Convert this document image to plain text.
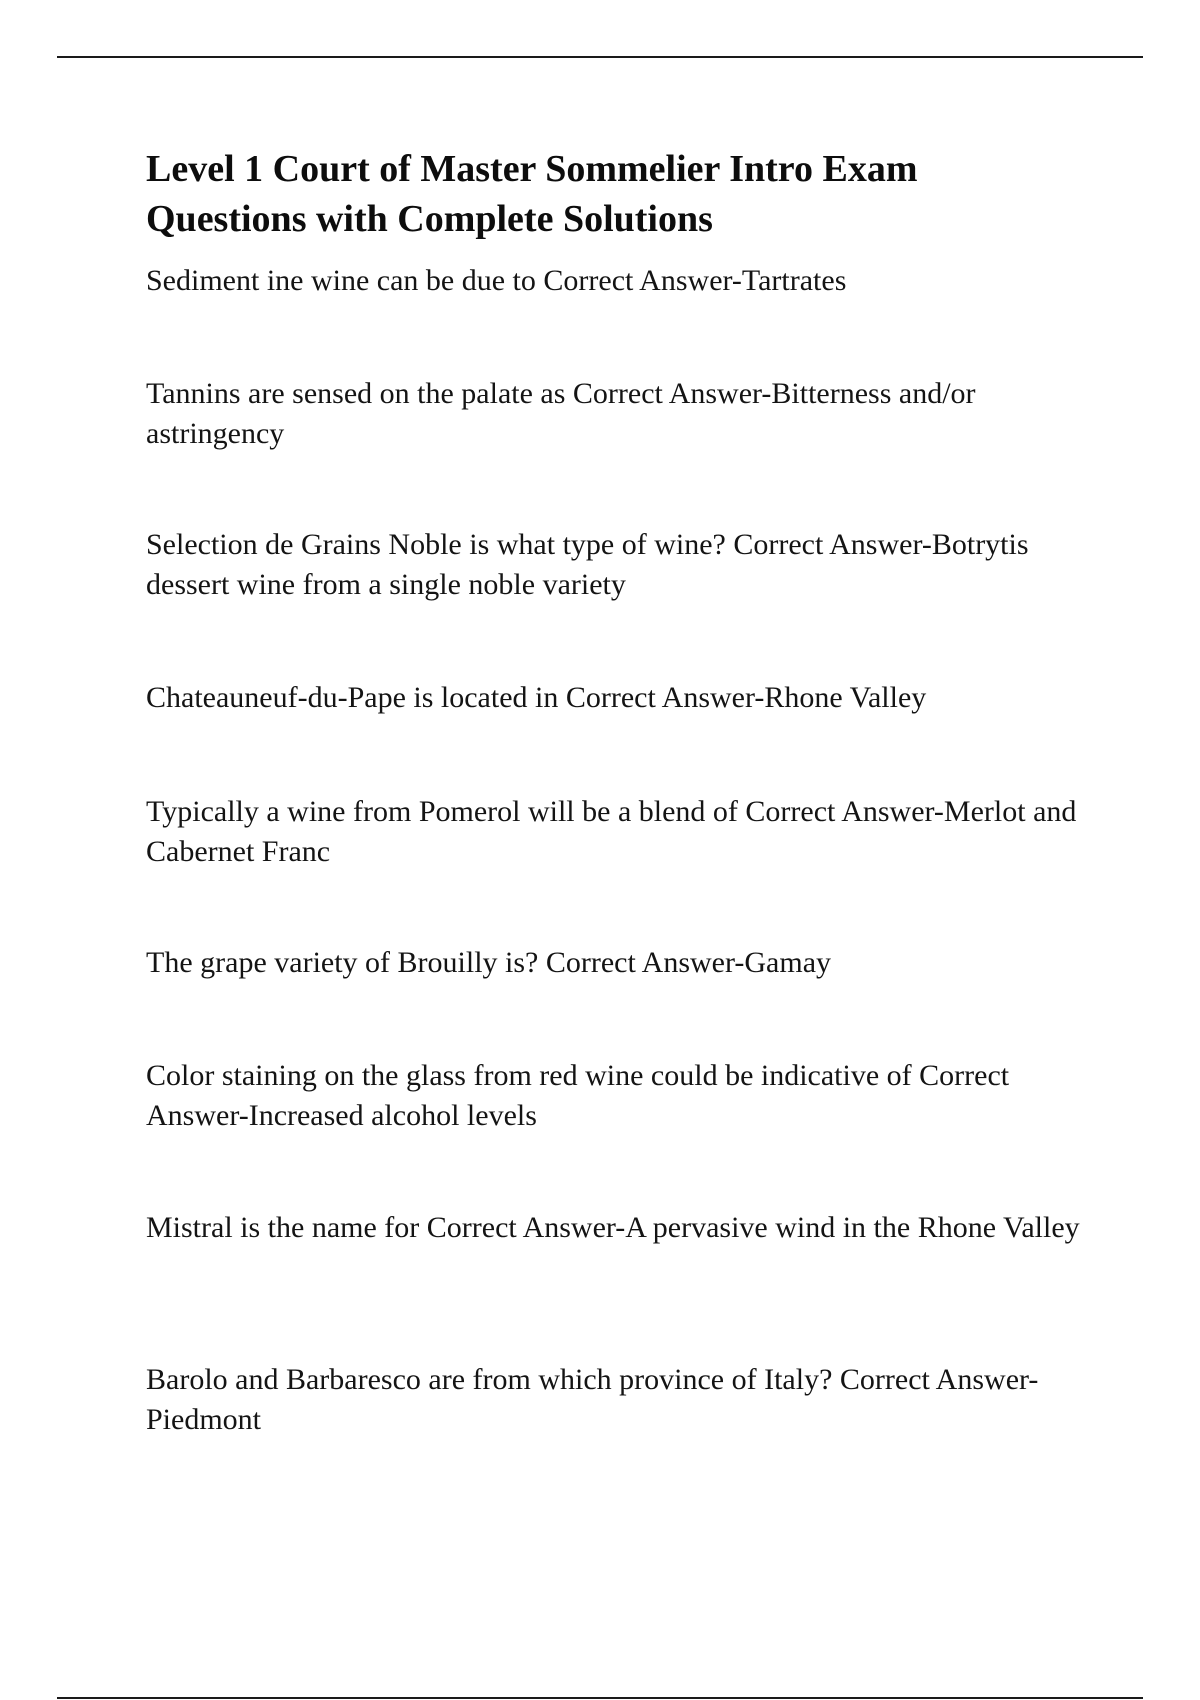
Level 1 Court of Master Sommelier Intro Exam Questions with Complete Solutions

Sediment ine wine can be due to Correct Answer-Tartrates

Tannins are sensed on the palate as Correct Answer-Bitterness and/or astringency

Selection de Grains Noble is what type of wine? Correct Answer-Botrytis dessert wine from a single noble variety

Chateauneuf-du-Pape is located in Correct Answer-Rhone Valley

Typically a wine from Pomerol will be a blend of Correct Answer-Merlot and Cabernet Franc

The grape variety of Brouilly is? Correct Answer-Gamay

Color staining on the glass from red wine could be indicative of Correct Answer-Increased alcohol levels

Mistral is the name for Correct Answer-A pervasive wind in the Rhone Valley

Barolo and Barbaresco are from which province of Italy? Correct Answer-Piedmont
